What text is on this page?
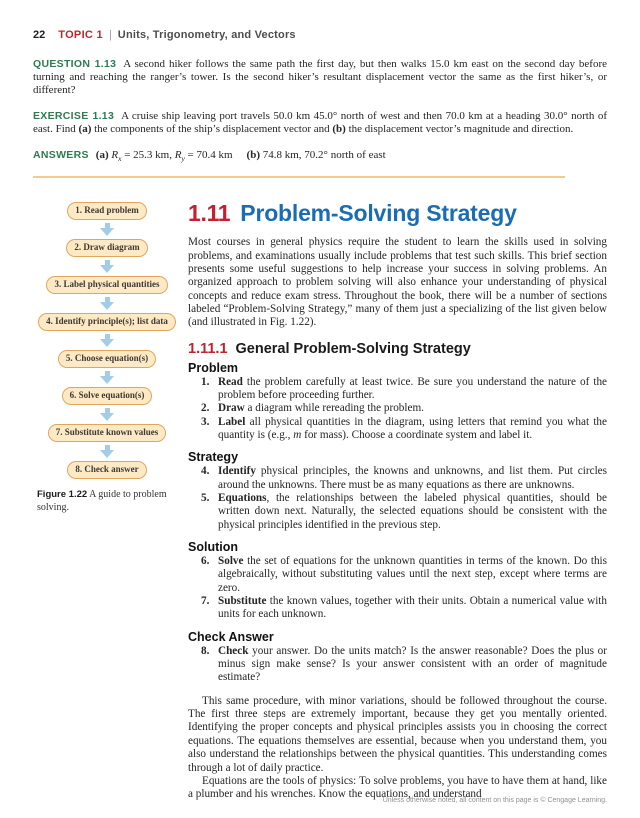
22 TOPIC 1 | Units, Trigonometry, and Vectors

QUESTION 1.13 A second hiker follows the same path the first day, but then walks 15.0 km east on the second day before turning and reaching the ranger’s tower. Is the second hiker’s resultant displacement vector the same as the first hiker’s, or different?

EXERCISE 1.13 A cruise ship leaving port travels 50.0 km 45.0° north of west and then 70.0 km at a heading 30.0° north of east. Find (a) the components of the ship’s displacement vector and (b) the displacement vector’s magnitude and direction.

ANSWERS (a) $R_x = 25.3$ km, $R_y = 70.4$ km (b) 74.8 km, 70.2° north of east

1. Read problem
2. Draw diagram
3. Label physical quantities
4. Identify principle(s); list data
5. Choose equation(s)
6. Solve equation(s)
7. Substitute known values
8. Check answer

Figure 1.22 A guide to problem solving.

1.11 Problem-Solving Strategy

Most courses in general physics require the student to learn the skills used in solving problems, and examinations usually include problems that test such skills. This brief section presents some useful suggestions to help increase your success in solving problems. An organized approach to problem solving will also enhance your understanding of physical concepts and reduce exam stress. Throughout the book, there will be a number of sections labeled “Problem-Solving Strategy,” many of them just a specializing of the list given below (and illustrated in Fig. 1.22).

1.11.1 General Problem-Solving Strategy
Problem
1. Read the problem carefully at least twice. Be sure you understand the nature of the problem before proceeding further.
2. Draw a diagram while rereading the problem.
3. Label all physical quantities in the diagram, using letters that remind you what the quantity is (e.g., m for mass). Choose a coordinate system and label it.
Strategy
4. Identify physical principles, the knowns and unknowns, and list them. Put circles around the unknowns. There must be as many equations as there are unknowns.
5. Equations, the relationships between the labeled physical quantities, should be written down next. Naturally, the selected equations should be consistent with the physical principles identified in the previous step.
Solution
6. Solve the set of equations for the unknown quantities in terms of the known. Do this algebraically, without substituting values until the next step, except where terms are zero.
7. Substitute the known values, together with their units. Obtain a numerical value with units for each unknown.
Check Answer
8. Check your answer. Do the units match? Is the answer reasonable? Does the plus or minus sign make sense? Is your answer consistent with an order of magnitude estimate?

This same procedure, with minor variations, should be followed throughout the course. The first three steps are extremely important, because they get you mentally oriented. Identifying the proper concepts and physical principles assists you in choosing the correct equations. The equations themselves are essential, because when you understand them, you also understand the relationships between the physical quantities. This understanding comes through a lot of daily practice.

Equations are the tools of physics: To solve problems, you have to have them at hand, like a plumber and his wrenches. Know the equations, and understand

Unless otherwise noted, all content on this page is © Cengage Learning.
